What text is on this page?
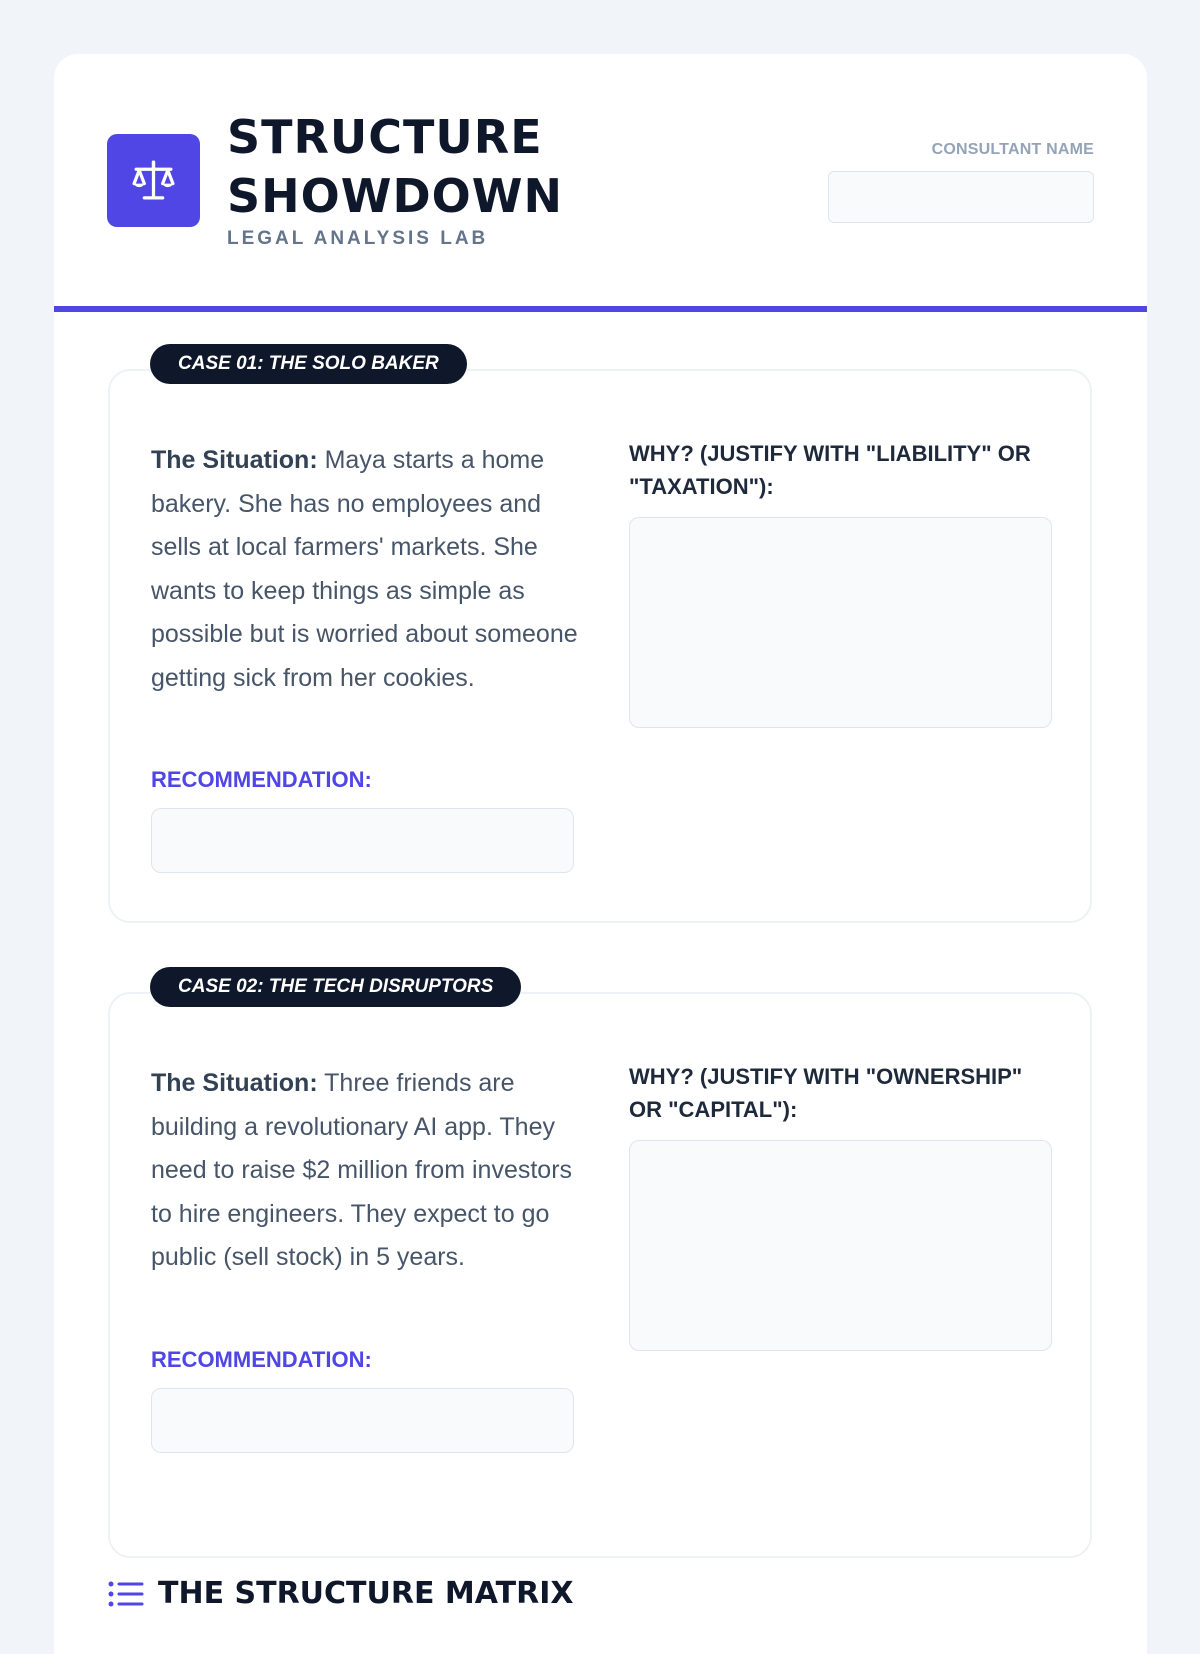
STRUCTURE
SHOWDOWN
LEGAL ANALYSIS LAB
CONSULTANT NAME

The Situation: Maya starts a home bakery. She has no employees and sells at local farmers' markets. She wants to keep things as simple as possible but is worried about someone getting sick from her cookies.

RECOMMENDATION:
WHY? (JUSTIFY WITH "LIABILITY" OR "TAXATION"):
CASE 01: THE SOLO BAKER

The Situation: Three friends are building a revolutionary AI app. They need to raise $2 million from investors to hire engineers. They expect to go public (sell stock) in 5 years.

RECOMMENDATION:
WHY? (JUSTIFY WITH "OWNERSHIP" OR "CAPITAL"):
CASE 02: THE TECH DISRUPTORS
THE STRUCTURE MATRIX
